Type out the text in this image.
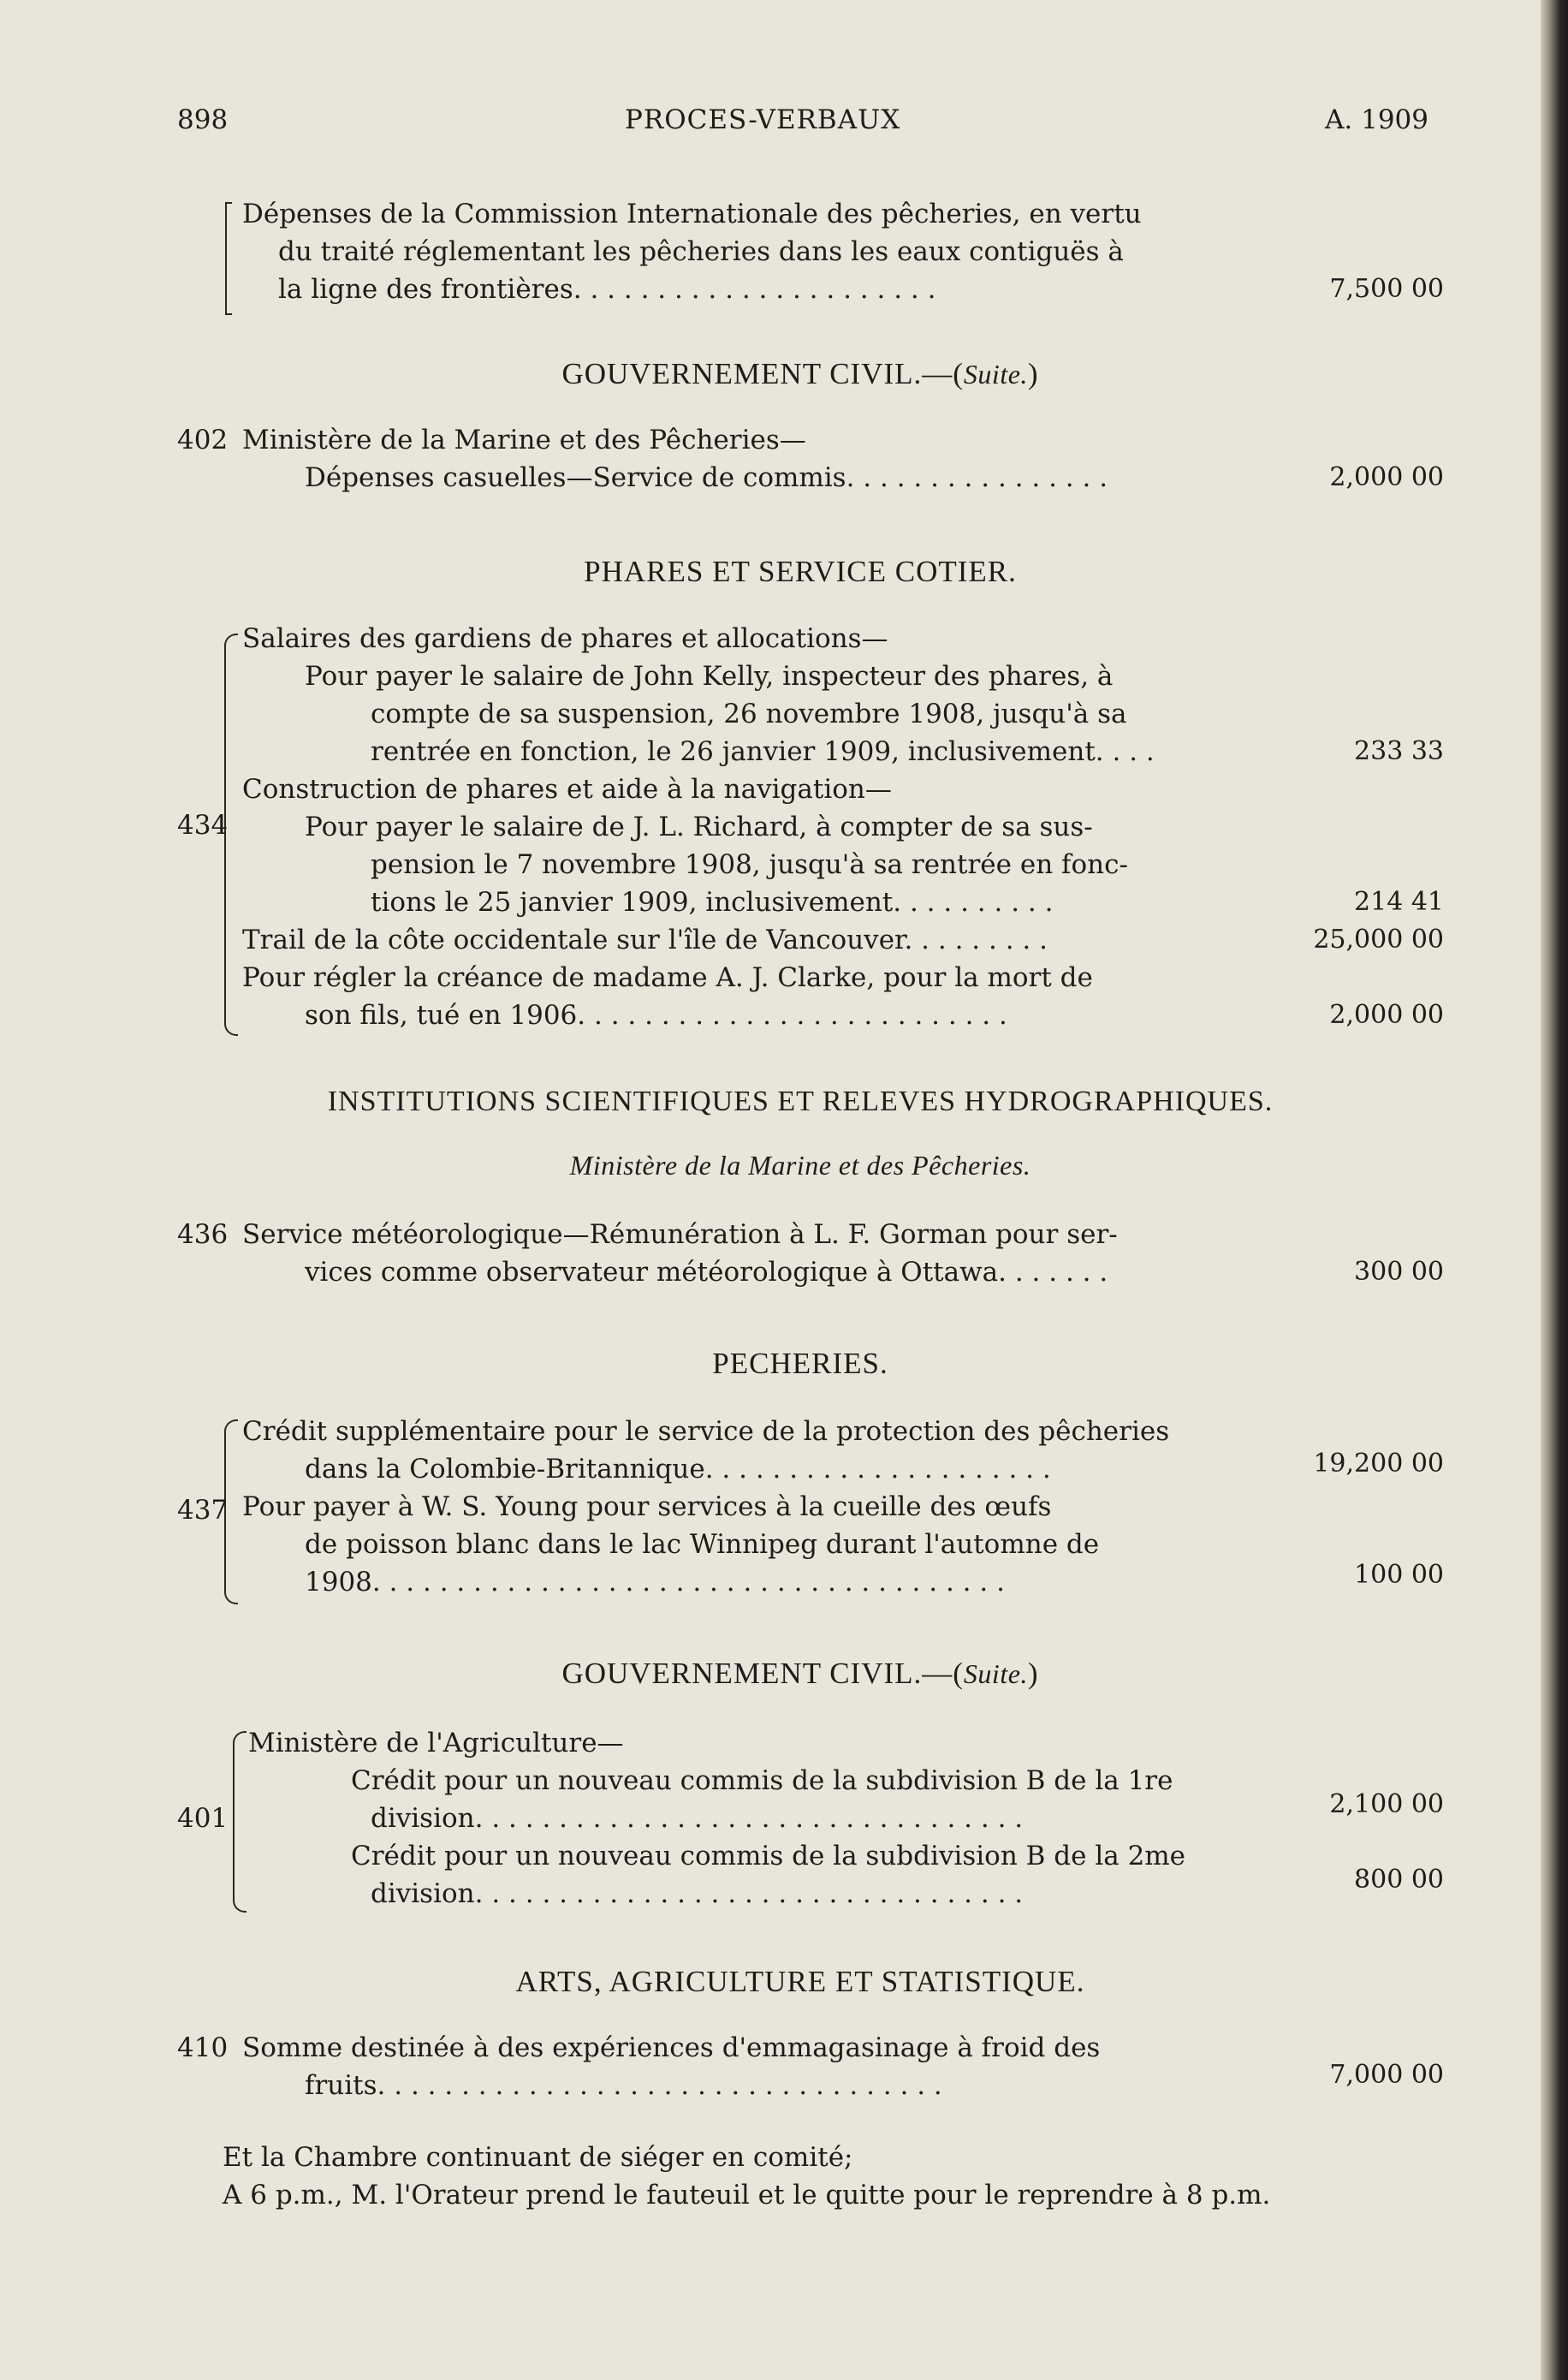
898	PROCES-VERBAUX	A. 1909
Dépenses de la Commission Internationale des pêcheries, en vertu
du traité réglementant les pêcheries dans les eaux contiguës à
la ligne des frontières. . . . . . . . . . . . . . . . . . . . . .	7,500 00
GOUVERNEMENT CIVIL.—(Suite.)
402 Ministère de la Marine et des Pêcheries—
Dépenses casuelles—Service de commis. . . . . . . . . . . . . . . .	2,000 00
PHARES ET SERVICE COTIER.
434
Salaires des gardiens de phares et allocations—
Pour payer le salaire de John Kelly, inspecteur des phares, à
compte de sa suspension, 26 novembre 1908, jusqu'à sa
rentrée en fonction, le 26 janvier 1909, inclusivement. . . .	233 33
Construction de phares et aide à la navigation—
Pour payer le salaire de J. L. Richard, à compter de sa sus-
pension le 7 novembre 1908, jusqu'à sa rentrée en fonc-
tions le 25 janvier 1909, inclusivement. . . . . . . . . .	214 41
Trail de la côte occidentale sur l'île de Vancouver. . . . . . . . .	25,000 00
Pour régler la créance de madame A. J. Clarke, pour la mort de
son fils, tué en 1906. . . . . . . . . . . . . . . . . . . . . . . . . .	2,000 00
INSTITUTIONS SCIENTIFIQUES ET RELEVES HYDROGRAPHIQUES.
Ministère de la Marine et des Pêcheries.
436 Service météorologique—Rémunération à L. F. Gorman pour ser-
vices comme observateur météorologique à Ottawa. . . . . . .	300 00
PECHERIES.
437
Crédit supplémentaire pour le service de la protection des pêcheries
dans la Colombie-Britannique. . . . . . . . . . . . . . . . . . . . .	19,200 00
Pour payer à W. S. Young pour services à la cueille des œufs
de poisson blanc dans le lac Winnipeg durant l'automne de
1908. . . . . . . . . . . . . . . . . . . . . . . . . . . . . . . . . . . . . .	100 00
GOUVERNEMENT CIVIL.—(Suite.)
401
Ministère de l'Agriculture—
Crédit pour un nouveau commis de la subdivision B de la 1re
division. . . . . . . . . . . . . . . . . . . . . . . . . . . . . . . . .	2,100 00
Crédit pour un nouveau commis de la subdivision B de la 2me
division. . . . . . . . . . . . . . . . . . . . . . . . . . . . . . . . .	800 00
ARTS, AGRICULTURE ET STATISTIQUE.
410 Somme destinée à des expériences d'emmagasinage à froid des
fruits. . . . . . . . . . . . . . . . . . . . . . . . . . . . . . . . . .	7,000 00
Et la Chambre continuant de siéger en comité;
A 6 p.m., M. l'Orateur prend le fauteuil et le quitte pour le reprendre à 8 p.m.
